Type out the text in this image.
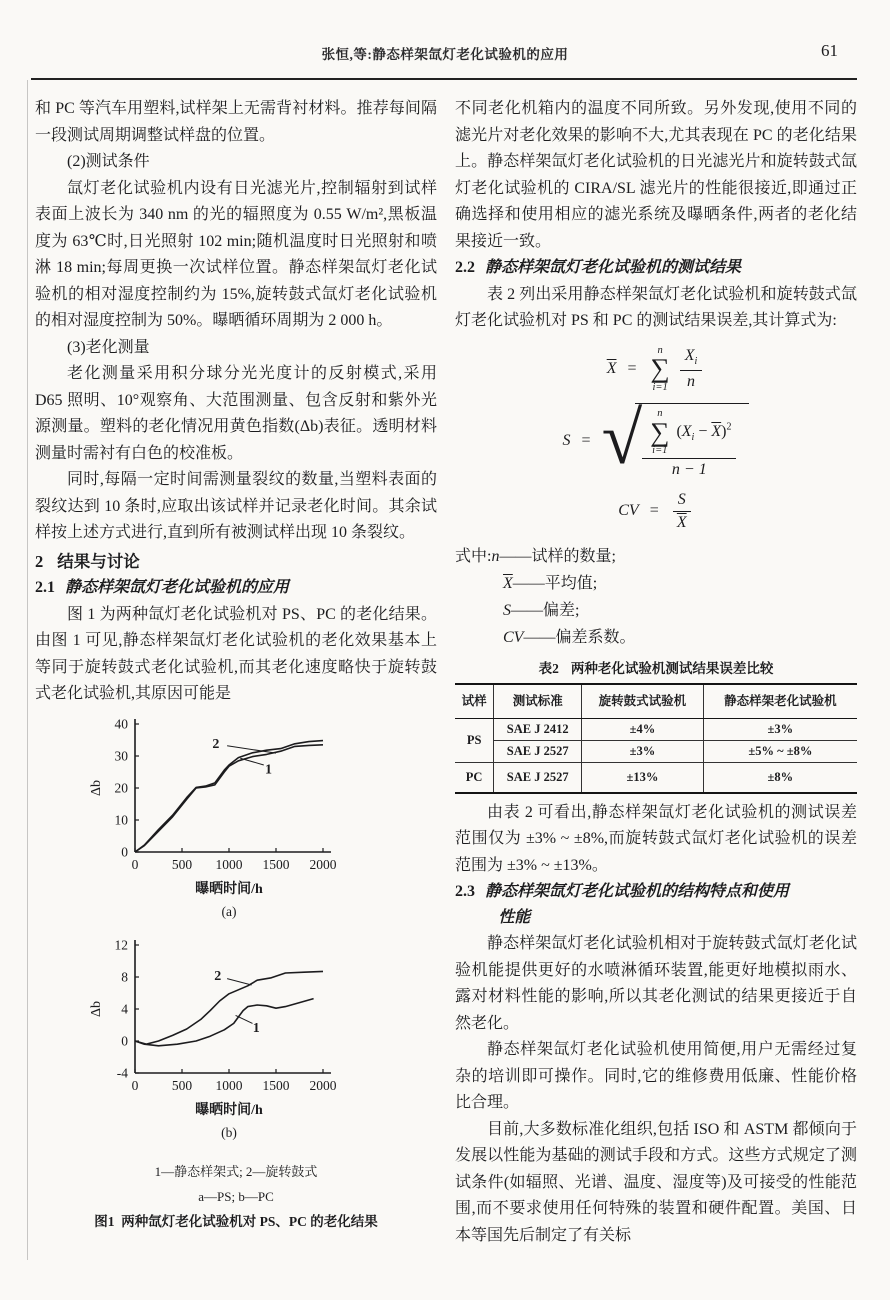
张恒,等:静态样架氙灯老化试验机的应用	61

和 PC 等汽车用塑料,试样架上无需背衬材料。推荐每间隔一段测试周期调整试样盘的位置。

(2)测试条件

氙灯老化试验机内设有日光滤光片,控制辐射到试样表面上波长为 340 nm 的光的辐照度为 0.55 W/m²,黑板温度为 63℃时,日光照射 102 min;随机温度时日光照射和喷淋 18 min;每周更换一次试样位置。静态样架氙灯老化试验机的相对湿度控制约为 15%,旋转鼓式氙灯老化试验机的相对湿度控制为 50%。曝晒循环周期为 2 000 h。

(3)老化测量

老化测量采用积分球分光光度计的反射模式,采用 D65 照明、10°观察角、大范围测量、包含反射和紫外光源测量。塑料的老化情况用黄色指数(Δb)表征。透明材料测量时需衬有白色的校准板。

同时,每隔一定时间需测量裂纹的数量,当塑料表面的裂纹达到 10 条时,应取出该试样并记录老化时间。其余试样按上述方式进行,直到所有被测试样出现 10 条裂纹。

2 结果与讨论

2.1 静态样架氙灯老化试验机的应用

图 1 为两种氙灯老化试验机对 PS、PC 的老化结果。由图 1 可见,静态样架氙灯老化试验机的老化效果基本上等同于旋转鼓式老化试验机,而其老化速度略快于旋转鼓式老化试验机,其原因可能是

0
10
20
30
40
0 500 1000 1500 2000
2
1
Δb
曝晒时间/h
(a)
-4
0
4
8
12
0 500 1000 1500 2000
2
1
Δb
曝晒时间/h
(b)
1—静态样架式; 2—旋转鼓式
a—PS; b—PC
图1 两种氙灯老化试验机对 PS、PC 的老化结果

不同老化机箱内的温度不同所致。另外发现,使用不同的滤光片对老化效果的影响不大,尤其表现在 PC 的老化结果上。静态样架氙灯老化试验机的日光滤光片和旋转鼓式氙灯老化试验机的 CIRA/SL 滤光片的性能很接近,即通过正确选择和使用相应的滤光系统及曝晒条件,两者的老化结果接近一致。

2.2 静态样架氙灯老化试验机的测试结果

表 2 列出采用静态样架氙灯老化试验机和旋转鼓式氙灯老化试验机对 PS 和 PC 的测试结果误差,其计算式为:

$\overline{X}$ =
n
∑
i=1
$\frac{X_i}{n}$
S = √ n
∑
i=1
$(X_i - \overline{X})^2$
n − 1
CV = $\frac{S}{X}$
式中:n——试样的数量;
$\overline{X}——$平均值;
S——偏差;
CV——偏差系数。
表2 两种老化试验机测试结果误差比较
试样	测试标准	旋转鼓式试验机	静态样架老化试验机
PS	SAE J 2412	±4%	±3%
	SAE J 2527	±3%	±5% ~ ±8%
PC	SAE J 2527	±13%	±8%

由表 2 可看出,静态样架氙灯老化试验机的测试误差范围仅为 ±3% ~ ±8%,而旋转鼓式氙灯老化试验机的误差范围为 ±3% ~ ±13%。

2.3 静态样架氙灯老化试验机的结构特点和使用
性能

静态样架氙灯老化试验机相对于旋转鼓式氙灯老化试验机能提供更好的水喷淋循环装置,能更好地模拟雨水、露对材料性能的影响,所以其老化测试的结果更接近于自然老化。

静态样架氙灯老化试验机使用简便,用户无需经过复杂的培训即可操作。同时,它的维修费用低廉、性能价格比合理。

目前,大多数标准化组织,包括 ISO 和 ASTM 都倾向于发展以性能为基础的测试手段和方式。这些方式规定了测试条件(如辐照、光谱、温度、湿度等)及可接受的性能范围,而不要求使用任何特殊的装置和硬件配置。美国、日本等国先后制定了有关标
